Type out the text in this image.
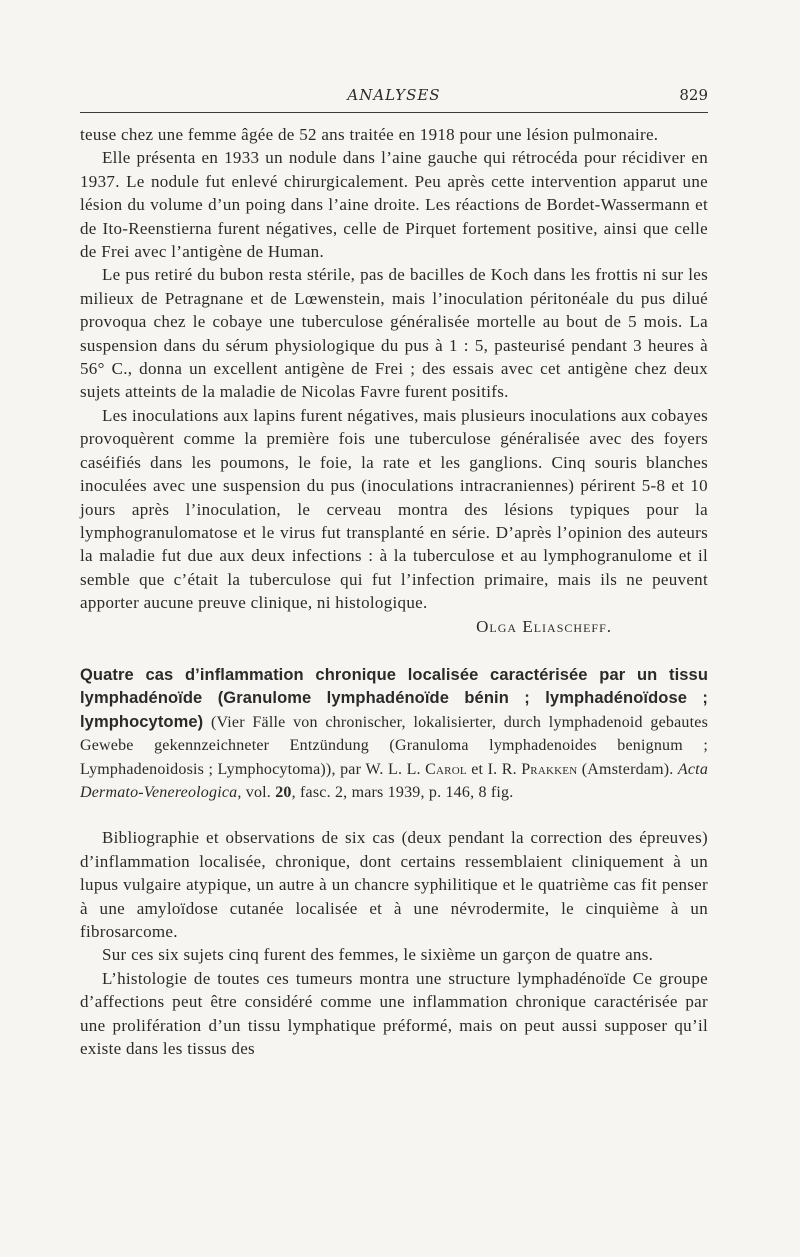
ANALYSES	829

teuse chez une femme âgée de 52 ans traitée en 1918 pour une lésion pulmonaire.

Elle présenta en 1933 un nodule dans l’aine gauche qui rétrocéda pour récidiver en 1937. Le nodule fut enlevé chirurgicalement. Peu après cette intervention apparut une lésion du volume d’un poing dans l’aine droite. Les réactions de Bordet-Wassermann et de Ito-Reenstierna furent négatives, celle de Pirquet fortement positive, ainsi que celle de Frei avec l’antigène de Human.

Le pus retiré du bubon resta stérile, pas de bacilles de Koch dans les frottis ni sur les milieux de Petragnane et de Lœwenstein, mais l’inoculation péritonéale du pus dilué provoqua chez le cobaye une tuberculose généralisée mortelle au bout de 5 mois. La suspension dans du sérum physiologique du pus à 1 : 5, pasteurisé pendant 3 heures à 56° C., donna un excellent antigène de Frei ; des essais avec cet antigène chez deux sujets atteints de la maladie de Nicolas Favre furent positifs.

Les inoculations aux lapins furent négatives, mais plusieurs inoculations aux cobayes provoquèrent comme la première fois une tuberculose généralisée avec des foyers caséifiés dans les poumons, le foie, la rate et les ganglions. Cinq souris blanches inoculées avec une suspension du pus (inoculations intracraniennes) périrent 5-8 et 10 jours après l’inoculation, le cerveau montra des lésions typiques pour la lymphogranulomatose et le virus fut transplanté en série. D’après l’opinion des auteurs la maladie fut due aux deux infections : à la tuberculose et au lymphogranulome et il semble que c’était la tuberculose qui fut l’infection primaire, mais ils ne peuvent apporter aucune preuve clinique, ni histologique.

Olga Eliascheff.

Quatre cas d’inflammation chronique localisée caractérisée par un tissu lymphadénoïde (Granulome lymphadénoïde bénin ; lymphadénoïdose ; lymphocytome) (Vier Fälle von chronischer, lokalisierter, durch lymphadenoid gebautes Gewebe gekennzeichneter Entzündung (Granuloma lymphadenoides benignum ; Lymphadenoidosis ; Lymphocytoma)), par W. L. L. Carol et I. R. Prakken (Amsterdam). Acta Dermato-Venereologica, vol. 20, fasc. 2, mars 1939, p. 146, 8 fig.

Bibliographie et observations de six cas (deux pendant la correction des épreuves) d’inflammation localisée, chronique, dont certains ressemblaient cliniquement à un lupus vulgaire atypique, un autre à un chancre syphilitique et le quatrième cas fit penser à une amyloïdose cutanée localisée et à une névrodermite, le cinquième à un fibrosarcome.

Sur ces six sujets cinq furent des femmes, le sixième un garçon de quatre ans.

L’histologie de toutes ces tumeurs montra une structure lymphadénoïde Ce groupe d’affections peut être considéré comme une inflammation chronique caractérisée par une prolifération d’un tissu lymphatique préformé, mais on peut aussi supposer qu’il existe dans les tissus des
